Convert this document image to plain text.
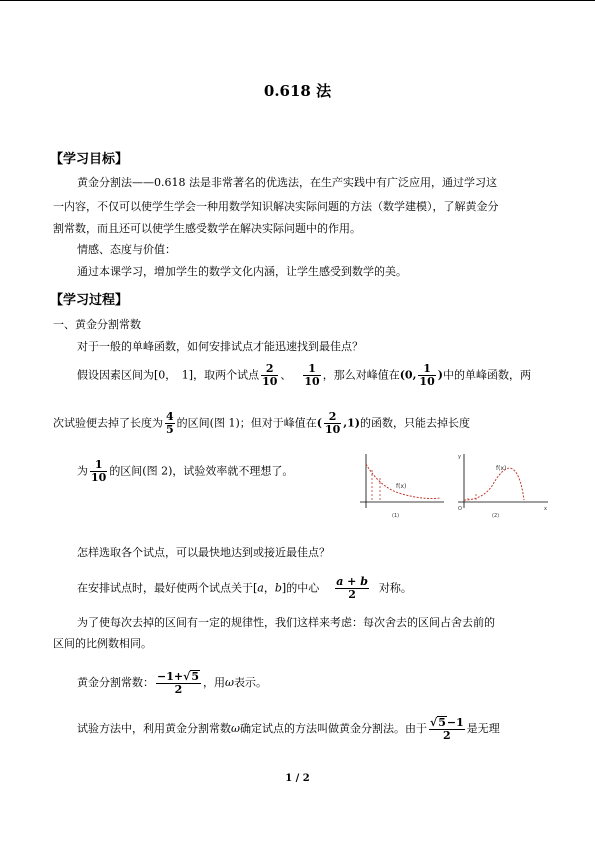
0.618 法
【学习目标】
黄金分割法——0.618 法是非常著名的优选法，在生产实践中有广泛应用，通过学习这
一内容，不仅可以使学生学会一种用数学知识解决实际问题的方法（数学建模），了解黄金分
割常数，而且还可以使学生感受数学在解决实际问题中的作用。
情感、态度与价值：
通过本课学习，增加学生的数学文化内涵，让学生感受到数学的美。
【学习过程】
一、黄金分割常数
对于一般的单峰函数，如何安排试点才能迅速找到最佳点？
假设因素区间为[0，　1]，取两个试点 $\frac{2}{10}$ 、 $\frac{1}{10}$ ，那么对峰值在(0, $\frac{1}{10}$ )中的单峰函数，两
次试验便去掉了长度为 $\frac{4}{5}$ 的区间(图 1)；但对于峰值在( $\frac{2}{10} ,1$)的函数，只能去掉长度
为 $\frac{1}{10}$ 的区间(图 2)，试验效率就不理想了。
f(x)
(1)
f(x)
y
x
O
(2)
怎样选取各个试点，可以最快地达到或接近最佳点？
在安排试点时，最好使两个试点关于[a，b]的中心 $\frac{a + b}{2}$ 对称。
为了使每次去掉的区间有一定的规律性，我们这样来考虑：每次舍去的区间占舍去前的
区间的比例数相同。
黄金分割常数： $\frac{-1+√5}{2}$ ，用ω表示。
试验方法中，利用黄金分割常数ω确定试点的方法叫做黄金分割法。由于 $\frac{√5-1}{2}$ 是无理
1 / 2
